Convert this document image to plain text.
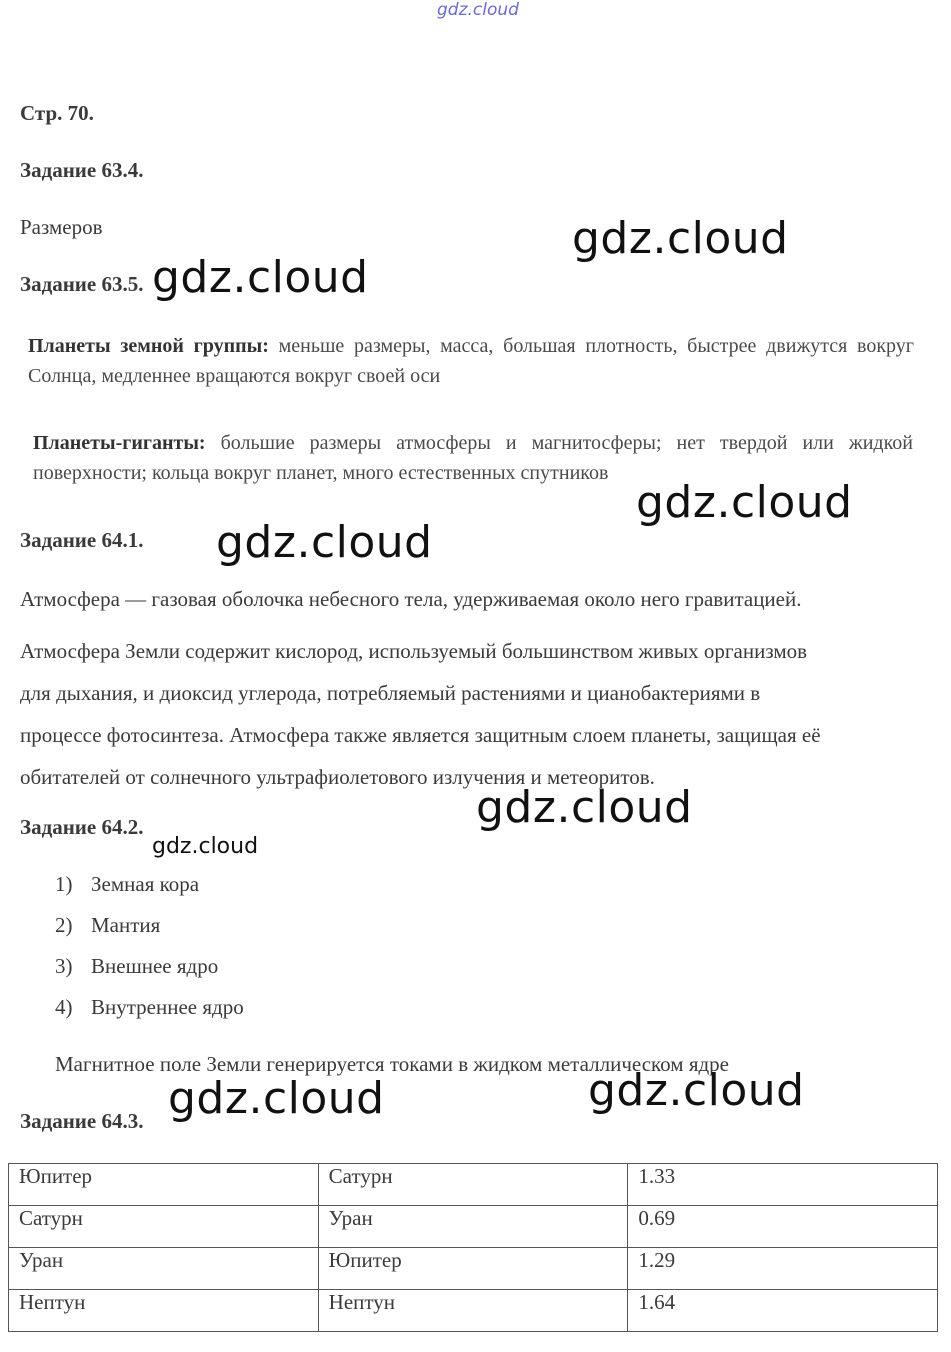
gdz.cloud
Стр. 70.
Задание 63.4.
Размеров
Задание 63.5.
Планеты земной группы: меньше размеры, масса, большая плотность, быстрее движутся вокруг Солнца, медленнее вращаются вокруг своей оси
Планеты-гиганты: большие размеры атмосферы и магнитосферы; нет твердой или жидкой поверхности; кольца вокруг планет, много естественных спутников
Задание 64.1.
Атмосфера — газовая оболочка небесного тела, удерживаемая около него гравитацией.
Атмосфера Земли содержит кислород, используемый большинством живых организмов
для дыхания, и диоксид углерода, потребляемый растениями и цианобактериями в
процессе фотосинтеза. Атмосфера также является защитным слоем планеты, защищая её
обитателей от солнечного ультрафиолетового излучения и метеоритов.
Задание 64.2.
1) Земная кора
2) Мантия
3) Внешнее ядро
4) Внутреннее ядро
Магнитное поле Земли генерируется токами в жидком металлическом ядре
Задание 64.3.
Юпитер	Сатурн	1.33
Сатурн	Уран	0.69
Уран	Юпитер	1.29
Нептун	Нептун	1.64
gdz.cloud
gdz.cloud
gdz.cloud
gdz.cloud
gdz.cloud
gdz.cloud
gdz.cloud
gdz.cloud
